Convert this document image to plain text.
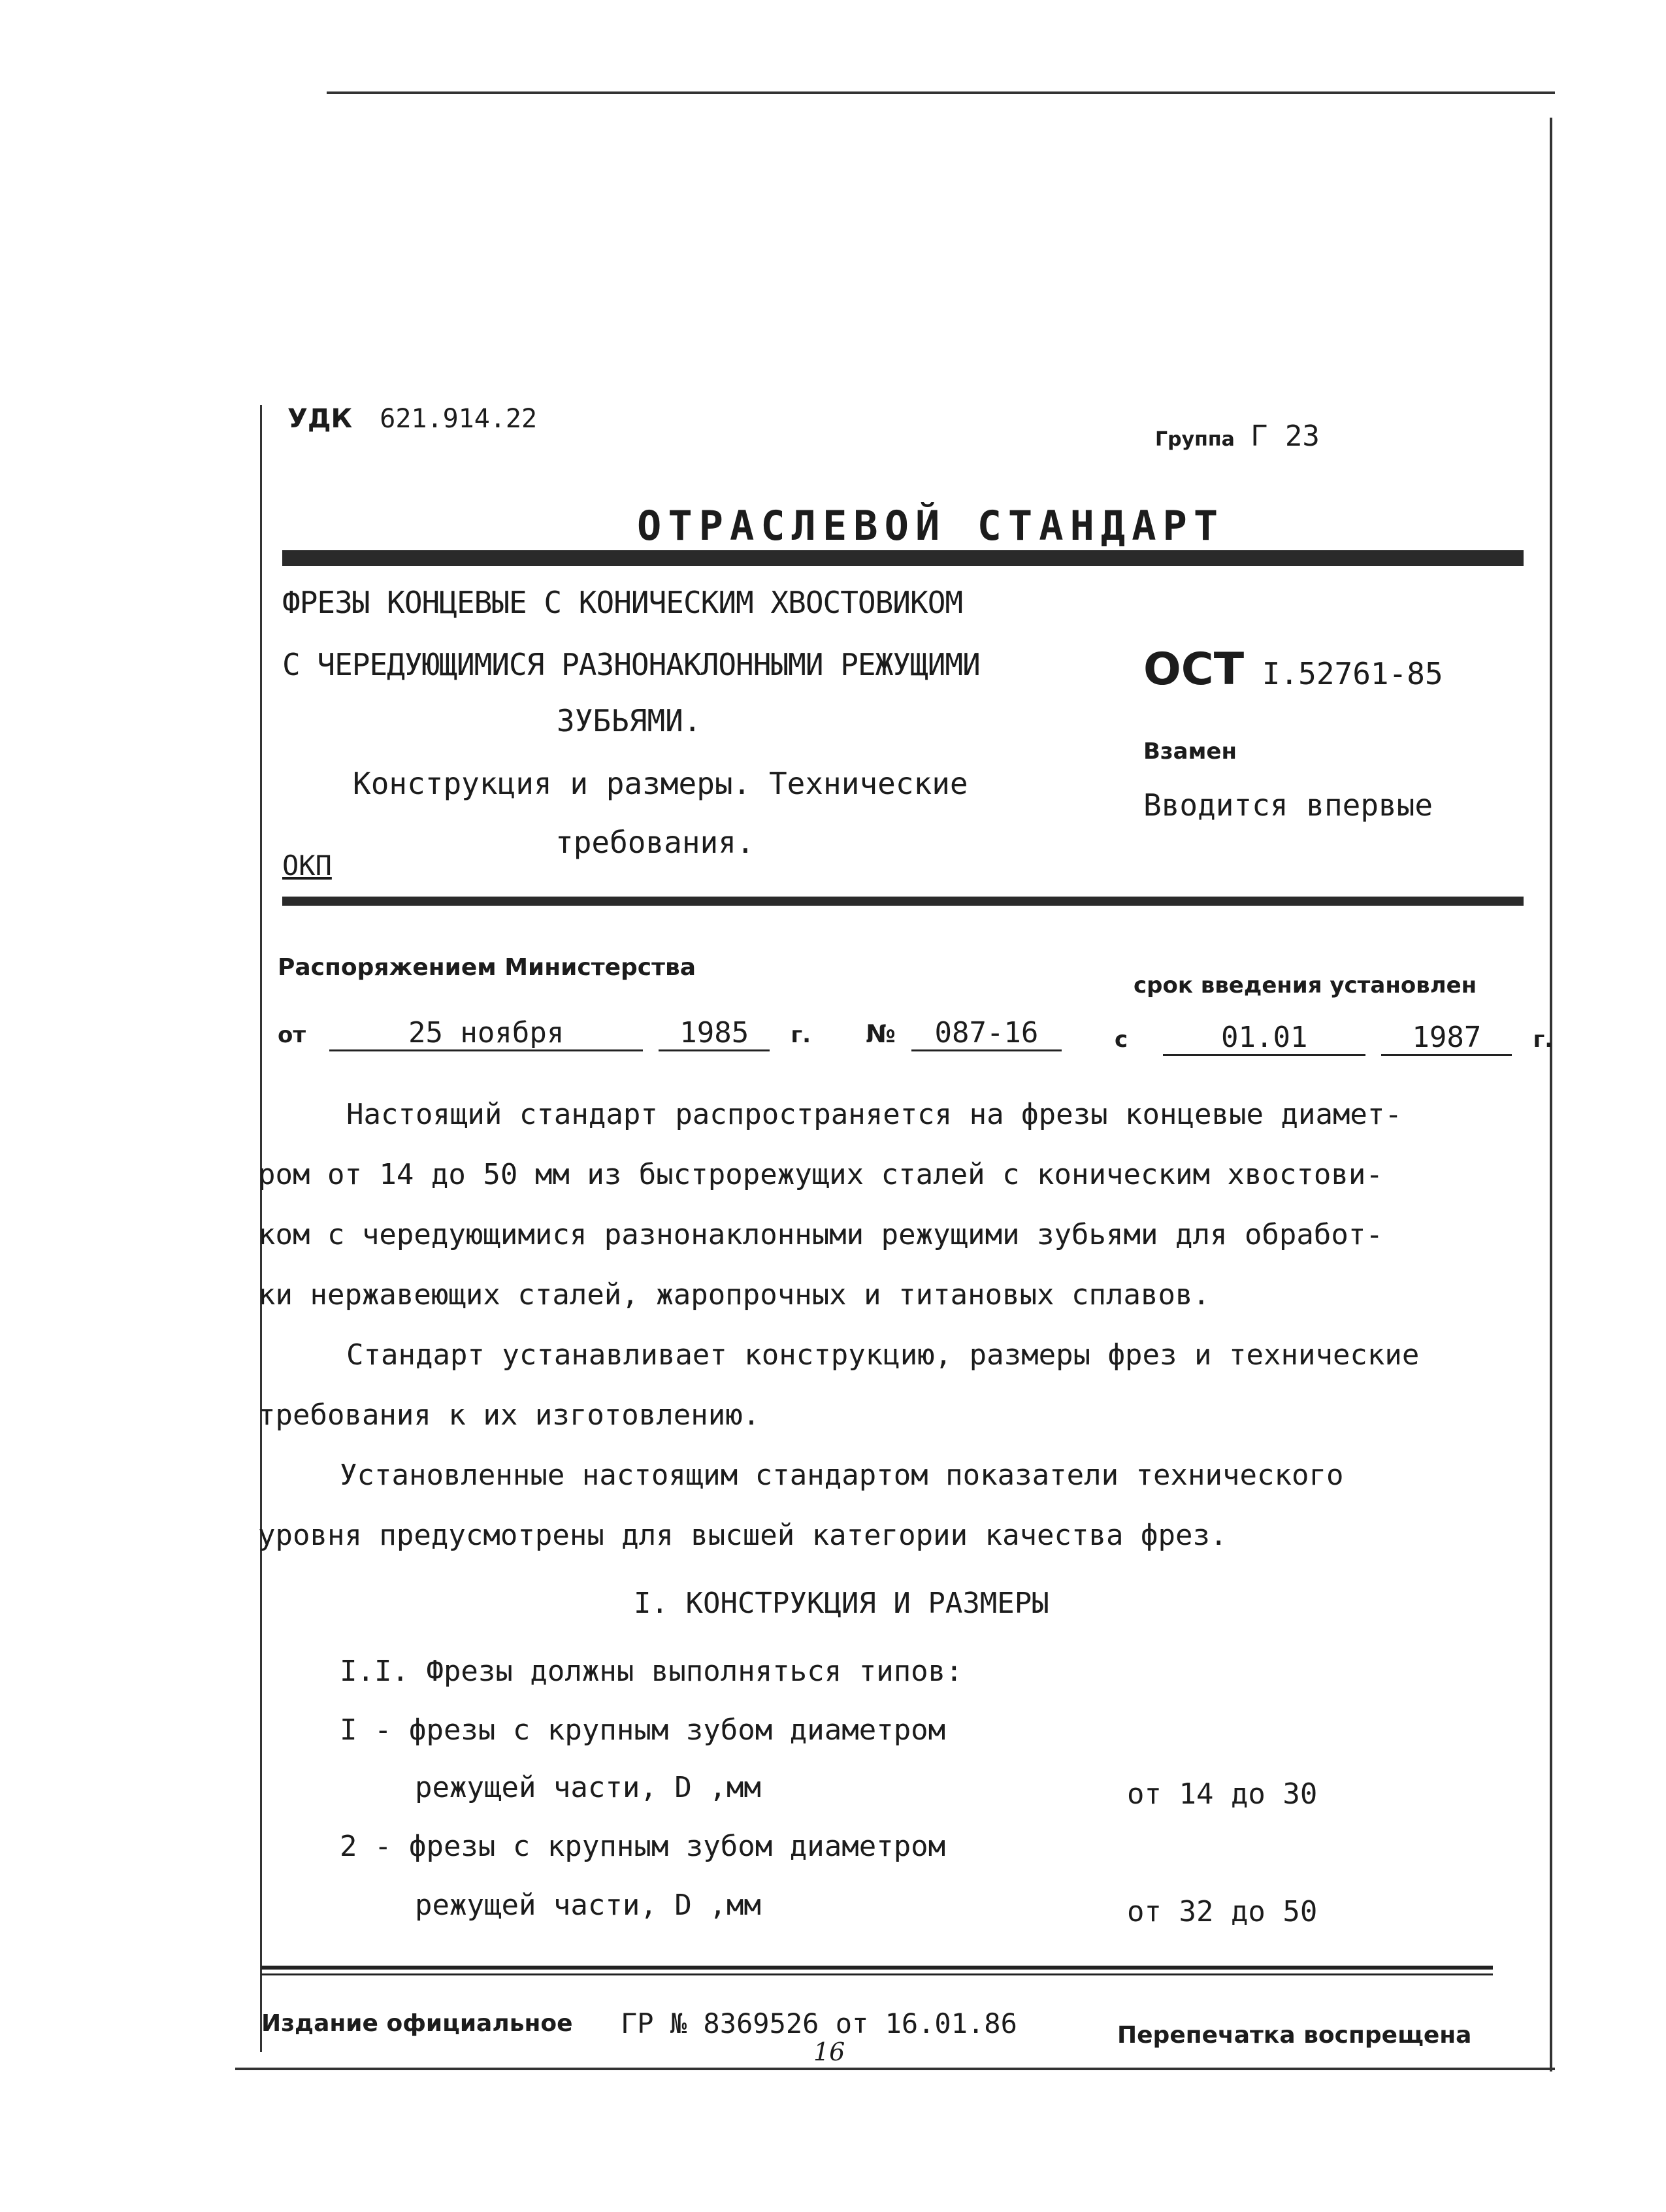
УДК 621.914.22
Группа Г 23
ОТРАСЛЕВОЙ СТАНДАРТ
ФРЕЗЫ КОНЦЕВЫЕ С КОНИЧЕСКИМ ХВОСТОВИКОМ
С ЧЕРЕДУЮЩИМИСЯ РАЗНОНАКЛОННЫМИ РЕЖУЩИМИ
ЗУБЬЯМИ.
Конструкция и размеры. Технические
требования.
ОКП
ОСТ I.52761-85
Взамен
Вводится впервые
Распоряжением Министерства
срок введения установлен
от	25 ноября	1985 г. № 087-16	с	01.01	1987 г.
Настоящий стандарт распространяется на фрезы концевые диамет-
ром от 14 до 50 мм из быстрорежущих сталей с коническим хвостови-
ком с чередующимися разнонаклонными режущими зубьями для обработ-
ки нержавеющих сталей, жаропрочных и титановых сплавов.
Стандарт устанавливает конструкцию, размеры фрез и технические
требования к их изготовлению.
Установленные настоящим стандартом показатели технического
уровня предусмотрены для высшей категории качества фрез.
I. КОНСТРУКЦИЯ И РАЗМЕРЫ
I.I. Фрезы должны выполняться типов:
I - фрезы с крупным зубом диаметром
режущей части, D ,мм	от 14 до 30
2 - фрезы с крупным зубом диаметром
режущей части, D ,мм	от 32 до 50
Издание официальное ГР № 8369526 от 16.01.86
16
Перепечатка воспрещена
